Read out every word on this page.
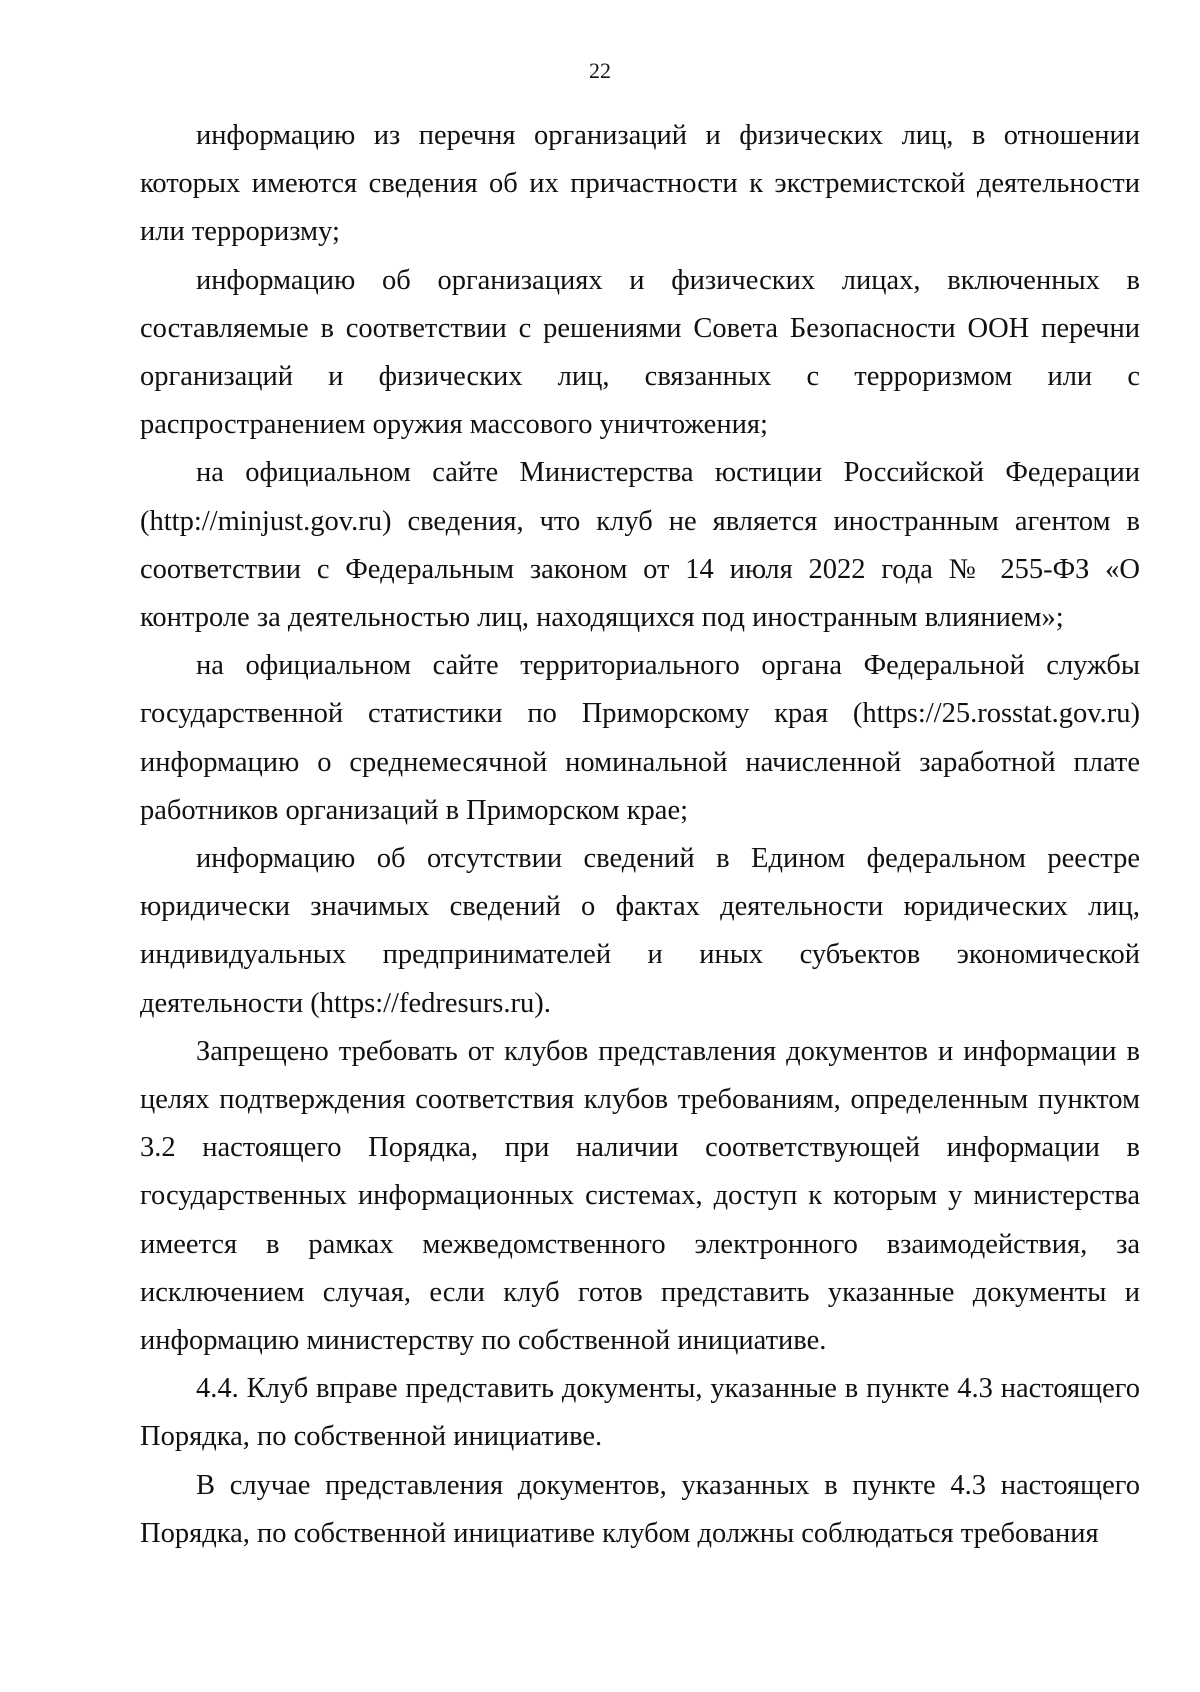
22

информацию из перечня организаций и физических лиц, в отношении которых имеются сведения об их причастности к экстремистской деятельности или терроризму;

информацию об организациях и физических лицах, включенных в составляемые в соответствии с решениями Совета Безопасности ООН перечни организаций и физических лиц, связанных с терроризмом или с распространением оружия массового уничтожения;

на официальном сайте Министерства юстиции Российской Федерации (http://minjust.gov.ru) сведения, что клуб не является иностранным агентом в соответствии с Федеральным законом от 14 июля 2022 года № 255-ФЗ «О контроле за деятельностью лиц, находящихся под иностранным влиянием»;

на официальном сайте территориального органа Федеральной службы государственной статистики по Приморскому края (https://25.rosstat.gov.ru) информацию о среднемесячной номинальной начисленной заработной плате работников организаций в Приморском крае;

информацию об отсутствии сведений в Едином федеральном реестре юридически значимых сведений о фактах деятельности юридических лиц, индивидуальных предпринимателей и иных субъектов экономической деятельности (https://fedresurs.ru).

Запрещено требовать от клубов представления документов и информации в целях подтверждения соответствия клубов требованиям, определенным пунктом 3.2 настоящего Порядка, при наличии соответствующей информации в государственных информационных системах, доступ к которым у министерства имеется в рамках межведомственного электронного взаимодействия, за исключением случая, если клуб готов представить указанные документы и информацию министерству по собственной инициативе.

4.4. Клуб вправе представить документы, указанные в пункте 4.3 настоящего Порядка, по собственной инициативе.

В случае представления документов, указанных в пункте 4.3 настоящего Порядка, по собственной инициативе клубом должны соблюдаться требования
